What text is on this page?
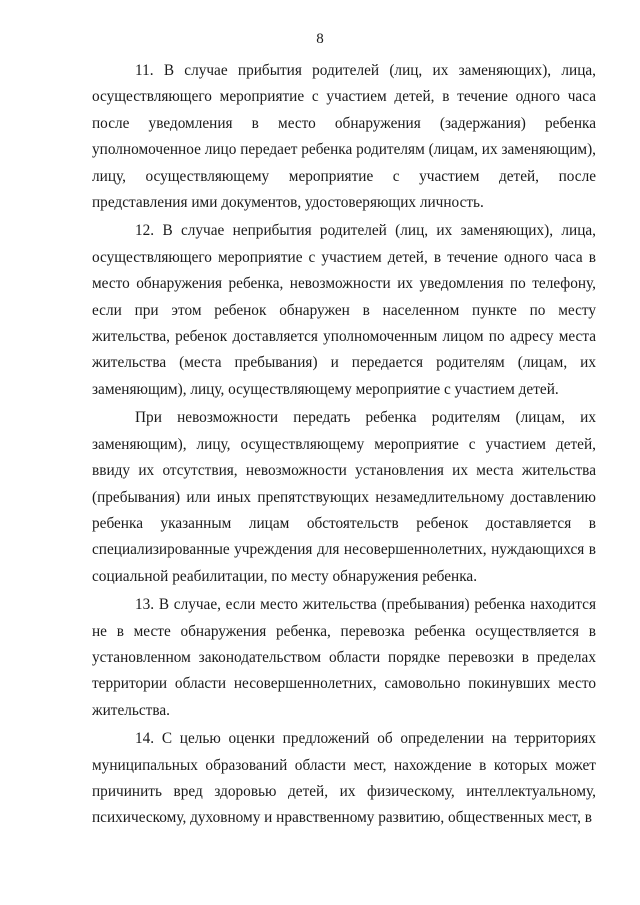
8

11. В случае прибытия родителей (лиц, их заменяющих), лица, осуществляющего мероприятие с участием детей, в течение одного часа после уведомления в место обнаружения (задержания) ребенка уполномоченное лицо передает ребенка родителям (лицам, их заменяющим), лицу, осуществляющему мероприятие с участием детей, после представления ими документов, удостоверяющих личность.

12. В случае неприбытия родителей (лиц, их заменяющих), лица, осуществляющего мероприятие с участием детей, в течение одного часа в место обнаружения ребенка, невозможности их уведомления по телефону, если при этом ребенок обнаружен в населенном пункте по месту жительства, ребенок доставляется уполномоченным лицом по адресу места жительства (места пребывания) и передается родителям (лицам, их заменяющим), лицу, осуществляющему мероприятие с участием детей.

При невозможности передать ребенка родителям (лицам, их заменяющим), лицу, осуществляющему мероприятие с участием детей, ввиду их отсутствия, невозможности установления их места жительства (пребывания) или иных препятствующих незамедлительному доставлению ребенка указанным лицам обстоятельств ребенок доставляется в специализированные учреждения для несовершеннолетних, нуждающихся в социальной реабилитации, по месту обнаружения ребенка.

13. В случае, если место жительства (пребывания) ребенка находится не в месте обнаружения ребенка, перевозка ребенка осуществляется в установленном законодательством области порядке перевозки в пределах территории области несовершеннолетних, самовольно покинувших место жительства.

14. С целью оценки предложений об определении на территориях муниципальных образований области мест, нахождение в которых может причинить вред здоровью детей, их физическому, интеллектуальному, психическому, духовному и нравственному развитию, общественных мест, в
